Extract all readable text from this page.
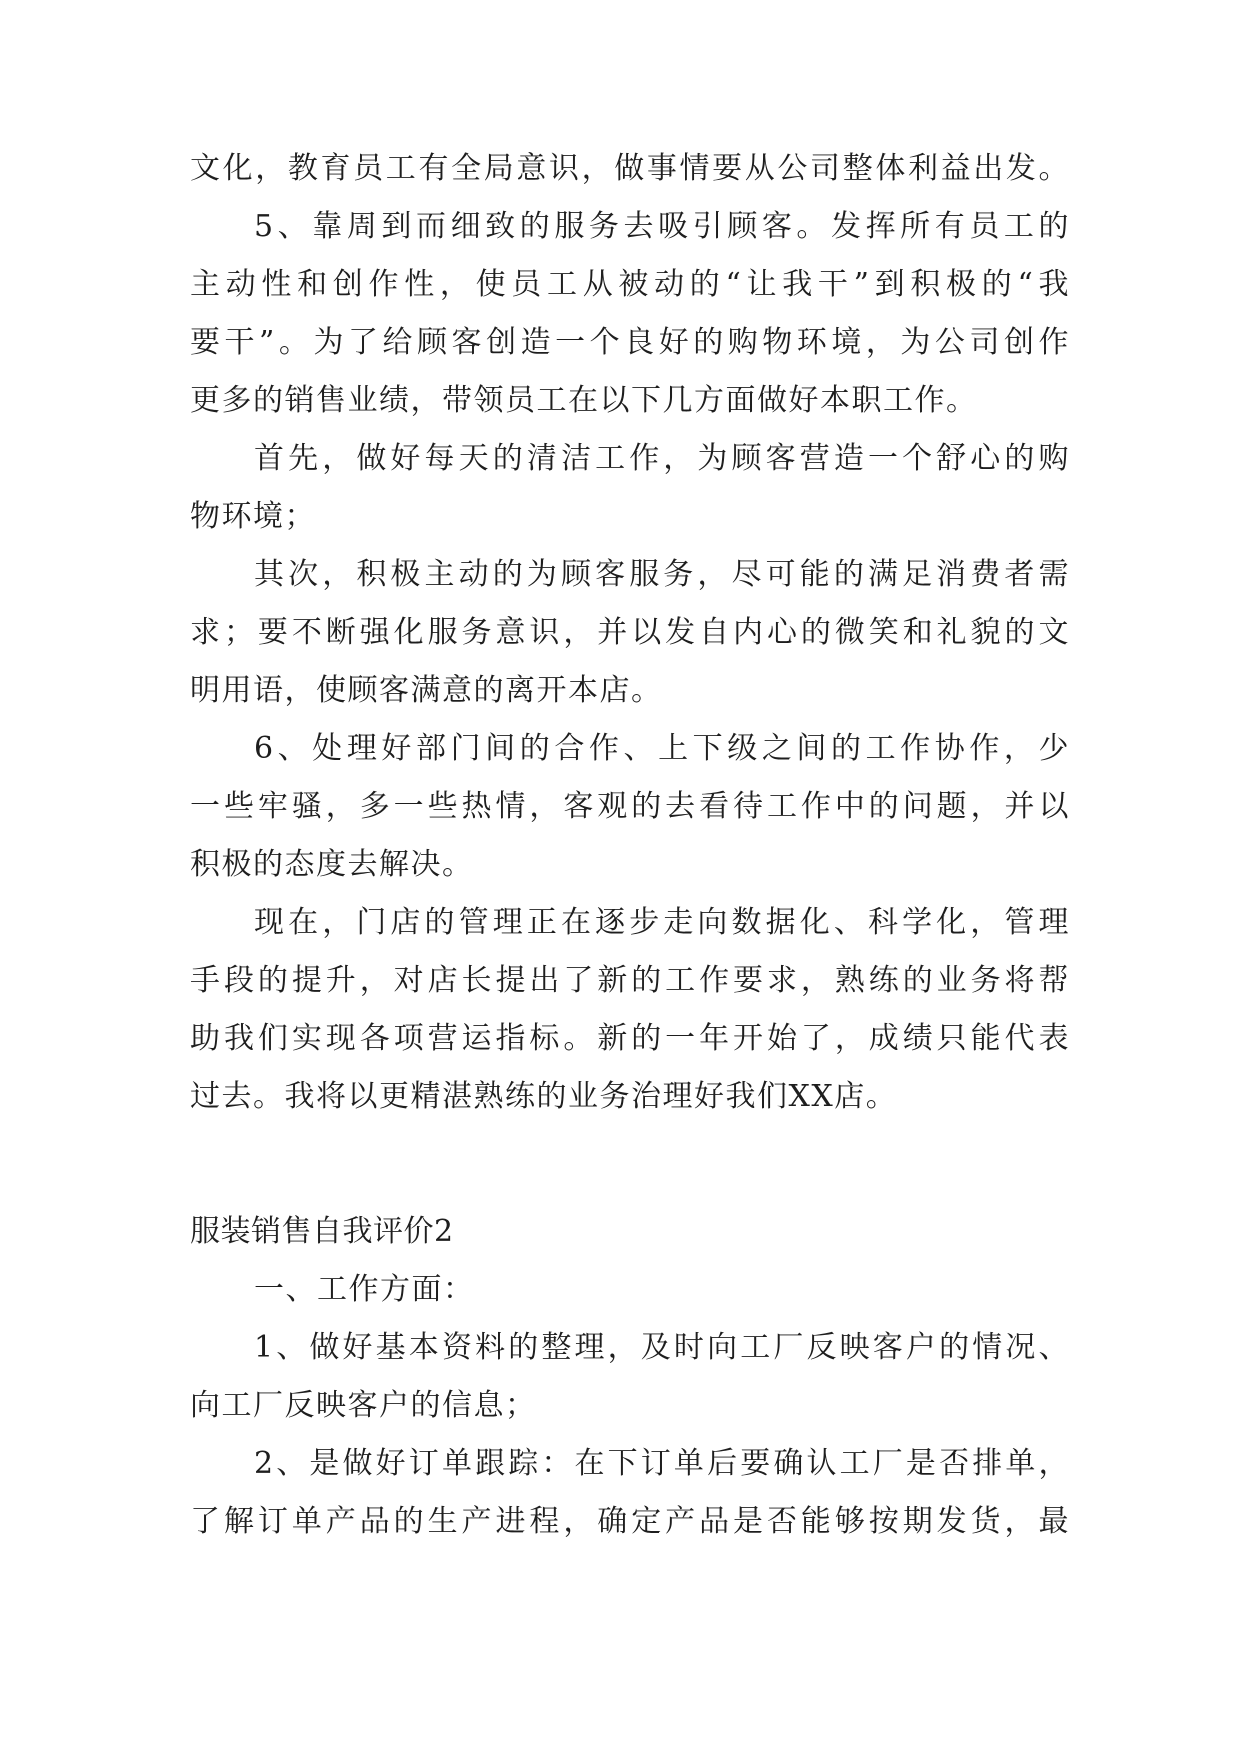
文化，教育员工有全局意识，做事情要从公司整体利益出发。
5、靠周到而细致的服务去吸引顾客。发挥所有员工的
主动性和创作性，使员工从被动的“让我干”到积极的“我
要干”。为了给顾客创造一个良好的购物环境，为公司创作
更多的销售业绩，带领员工在以下几方面做好本职工作。
首先，做好每天的清洁工作，为顾客营造一个舒心的购
物环境；
其次，积极主动的为顾客服务，尽可能的满足消费者需
求；要不断强化服务意识，并以发自内心的微笑和礼貌的文
明用语，使顾客满意的离开本店。
6、处理好部门间的合作、上下级之间的工作协作，少
一些牢骚，多一些热情，客观的去看待工作中的问题，并以
积极的态度去解决。
现在，门店的管理正在逐步走向数据化、科学化，管理
手段的提升，对店长提出了新的工作要求，熟练的业务将帮
助我们实现各项营运指标。新的一年开始了，成绩只能代表
过去。我将以更精湛熟练的业务治理好我们XX店。
服装销售自我评价2
一、工作方面：
1、做好基本资料的整理，及时向工厂反映客户的情况、
向工厂反映客户的信息；
2、是做好订单跟踪：在下订单后要确认工厂是否排单，
了解订单产品的生产进程，确定产品是否能够按期发货，最
